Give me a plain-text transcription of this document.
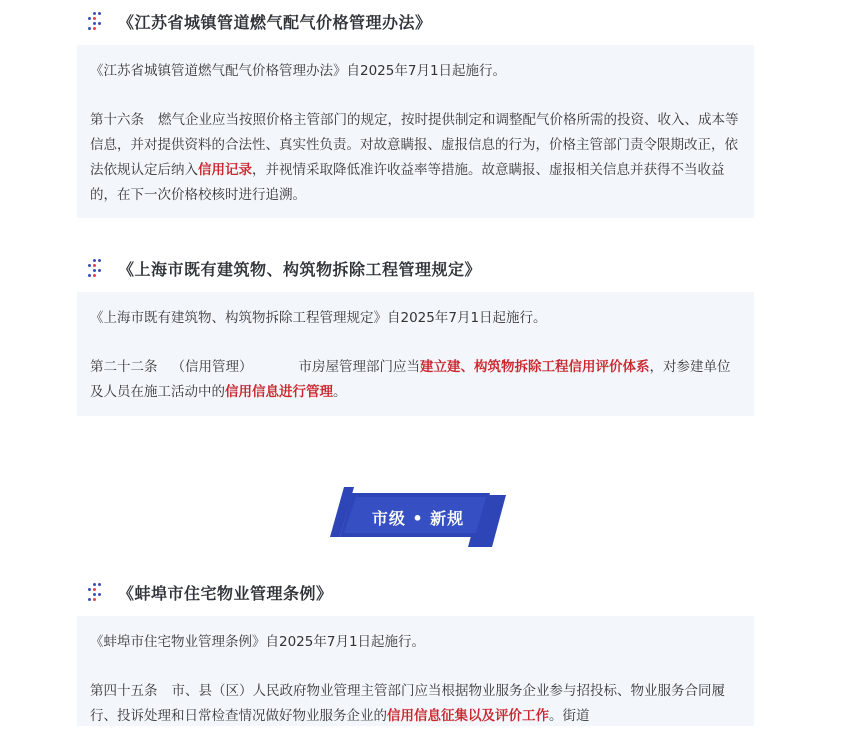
《江苏省城镇管道燃气配气价格管理办法》

《江苏省城镇管道燃气配气价格管理办法》自2025年7月1日起施行。

第十六条 燃气企业应当按照价格主管部门的规定，按时提供制定和调整配气价格所需的投资、收入、成本等信息，并对提供资料的合法性、真实性负责。对故意瞒报、虚报信息的行为，价格主管部门责令限期改正，依法依规认定后纳入信用记录，并视情采取降低准许收益率等措施。故意瞒报、虚报相关信息并获得不当收益的，在下一次价格校核时进行追溯。

《上海市既有建筑物、构筑物拆除工程管理规定》

《上海市既有建筑物、构筑物拆除工程管理规定》自2025年7月1日起施行。

第二十二条 （信用管理）	市房屋管理部门应当建立建、构筑物拆除工程信用评价体系，对参建单位及人员在施工活动中的信用信息进行管理。

市级 • 新规
《蚌埠市住宅物业管理条例》

《蚌埠市住宅物业管理条例》自2025年7月1日起施行。

第四十五条 市、县（区）人民政府物业管理主管部门应当根据物业服务企业参与招投标、物业服务合同履行、投诉处理和日常检查情况做好物业服务企业的信用信息征集以及评价工作。街道
